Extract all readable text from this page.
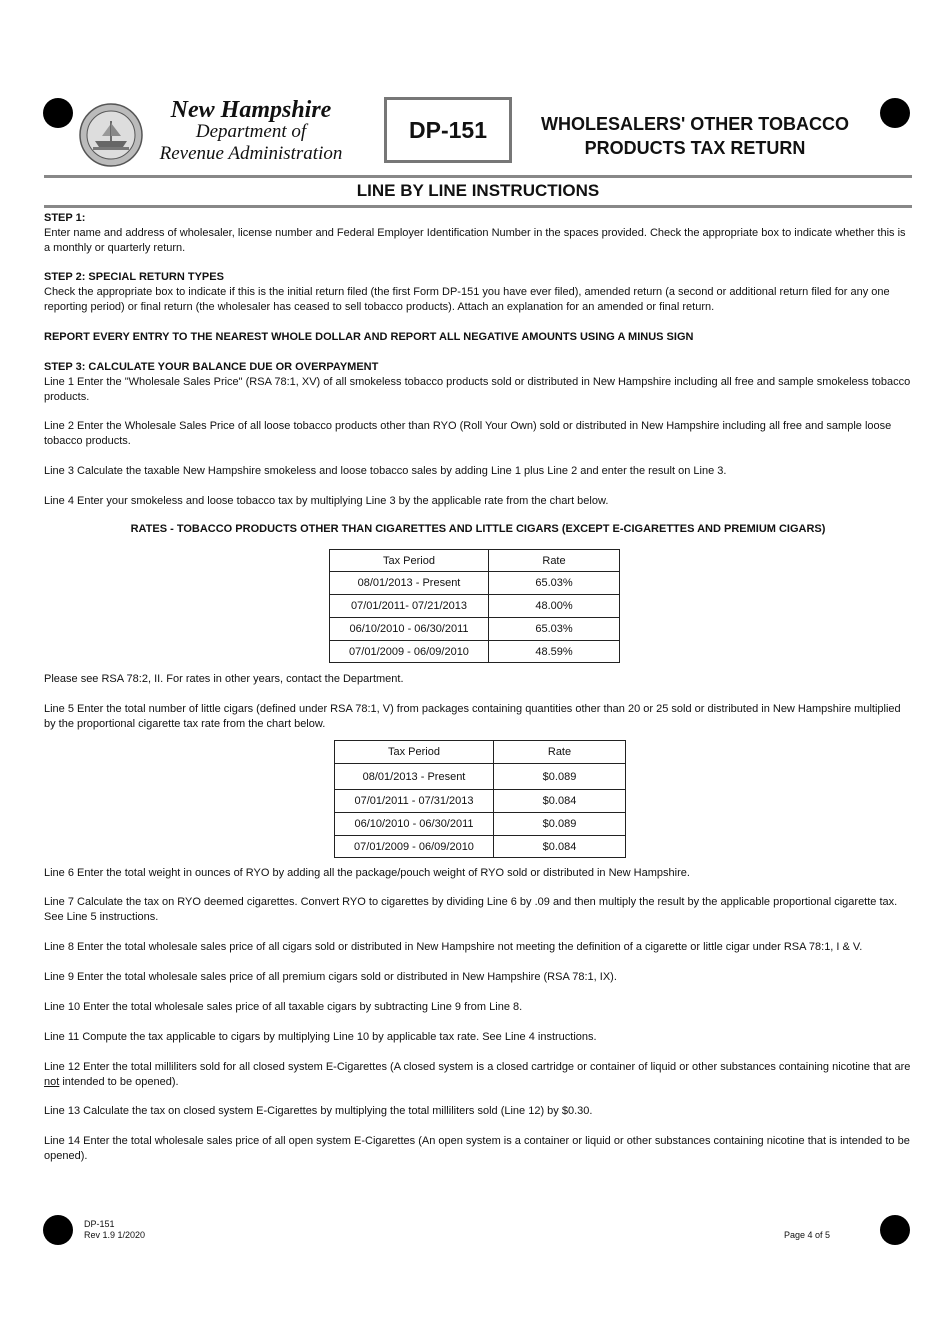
New Hampshire
Department of
Revenue Administration
DP-151	WHOLESALERS' OTHER TOBACCO
PRODUCTS TAX RETURN
LINE BY LINE INSTRUCTIONS
STEP 1:
Enter name and address of wholesaler, license number and Federal Employer Identification Number in the spaces provided. Check the appropriate box to indicate whether this is a monthly or quarterly return.
STEP 2: SPECIAL RETURN TYPES
Check the appropriate box to indicate if this is the initial return filed (the first Form DP-151 you have ever filed), amended return (a second or additional return filed for any one reporting period) or final return (the wholesaler has ceased to sell tobacco products). Attach an explanation for an amended or final return.
REPORT EVERY ENTRY TO THE NEAREST WHOLE DOLLAR AND REPORT ALL NEGATIVE AMOUNTS USING A MINUS SIGN
STEP 3: CALCULATE YOUR BALANCE DUE OR OVERPAYMENT
Line 1 Enter the "Wholesale Sales Price" (RSA 78:1, XV) of all smokeless tobacco products sold or distributed in New Hampshire including all free and sample smokeless tobacco products.
Line 2 Enter the Wholesale Sales Price of all loose tobacco products other than RYO (Roll Your Own) sold or distributed in New Hampshire including all free and sample loose tobacco products.
Line 3 Calculate the taxable New Hampshire smokeless and loose tobacco sales by adding Line 1 plus Line 2 and enter the result on Line 3.
Line 4 Enter your smokeless and loose tobacco tax by multiplying Line 3 by the applicable rate from the chart below.
RATES - TOBACCO PRODUCTS OTHER THAN CIGARETTES AND LITTLE CIGARS (EXCEPT E-CIGARETTES AND PREMIUM CIGARS)
Tax Period	Rate
08/01/2013 - Present	65.03%
07/01/2011- 07/21/2013	48.00%
06/10/2010 - 06/30/2011	65.03%
07/01/2009 - 06/09/2010	48.59%
Please see RSA 78:2, II. For rates in other years, contact the Department.
Line 5 Enter the total number of little cigars (defined under RSA 78:1, V) from packages containing quantities other than 20 or 25 sold or distributed in New Hampshire multiplied by the proportional cigarette tax rate from the chart below.
Tax Period	Rate
08/01/2013 - Present	$0.089
07/01/2011 - 07/31/2013	$0.084
06/10/2010 - 06/30/2011	$0.089
07/01/2009 - 06/09/2010	$0.084
Line 6 Enter the total weight in ounces of RYO by adding all the package/pouch weight of RYO sold or distributed in New Hampshire.
Line 7 Calculate the tax on RYO deemed cigarettes. Convert RYO to cigarettes by dividing Line 6 by .09 and then multiply the result by the applicable proportional cigarette tax. See Line 5 instructions.
Line 8 Enter the total wholesale sales price of all cigars sold or distributed in New Hampshire not meeting the definition of a cigarette or little cigar under RSA 78:1, I & V.
Line 9 Enter the total wholesale sales price of all premium cigars sold or distributed in New Hampshire (RSA 78:1, IX).
Line 10 Enter the total wholesale sales price of all taxable cigars by subtracting Line 9 from Line 8.
Line 11 Compute the tax applicable to cigars by multiplying Line 10 by applicable tax rate. See Line 4 instructions.
Line 12 Enter the total milliliters sold for all closed system E-Cigarettes (A closed system is a closed cartridge or container of liquid or other substances containing nicotine that are not intended to be opened).
Line 13 Calculate the tax on closed system E-Cigarettes by multiplying the total milliliters sold (Line 12) by $0.30.
Line 14 Enter the total wholesale sales price of all open system E-Cigarettes (An open system is a container or liquid or other substances containing nicotine that is intended to be opened).
DP-151
Rev 1.9 1/2020	Page 4 of 5
